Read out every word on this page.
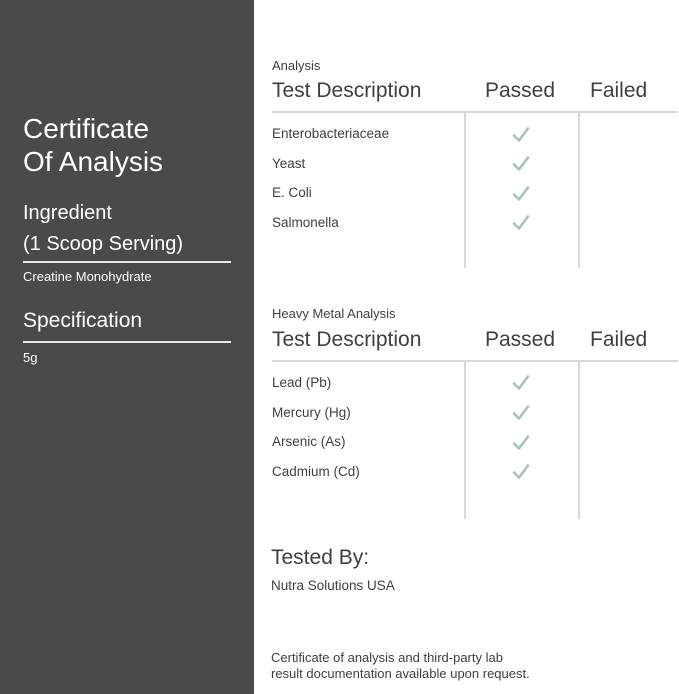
Certificate
Of Analysis
Ingredient
(1 Scoop Serving)
Creatine Monohydrate
Specification
5g
Analysis
Test Description	Passed Failed
Enterobacteriaceae
Yeast
E. Coli
Salmonella
Heavy Metal Analysis
Test Description	Passed Failed
Lead (Pb)
Mercury (Hg)
Arsenic (As)
Cadmium (Cd)
Tested By:
Nutra Solutions USA
Certificate of analysis and third-party lab
result documentation available upon request.
